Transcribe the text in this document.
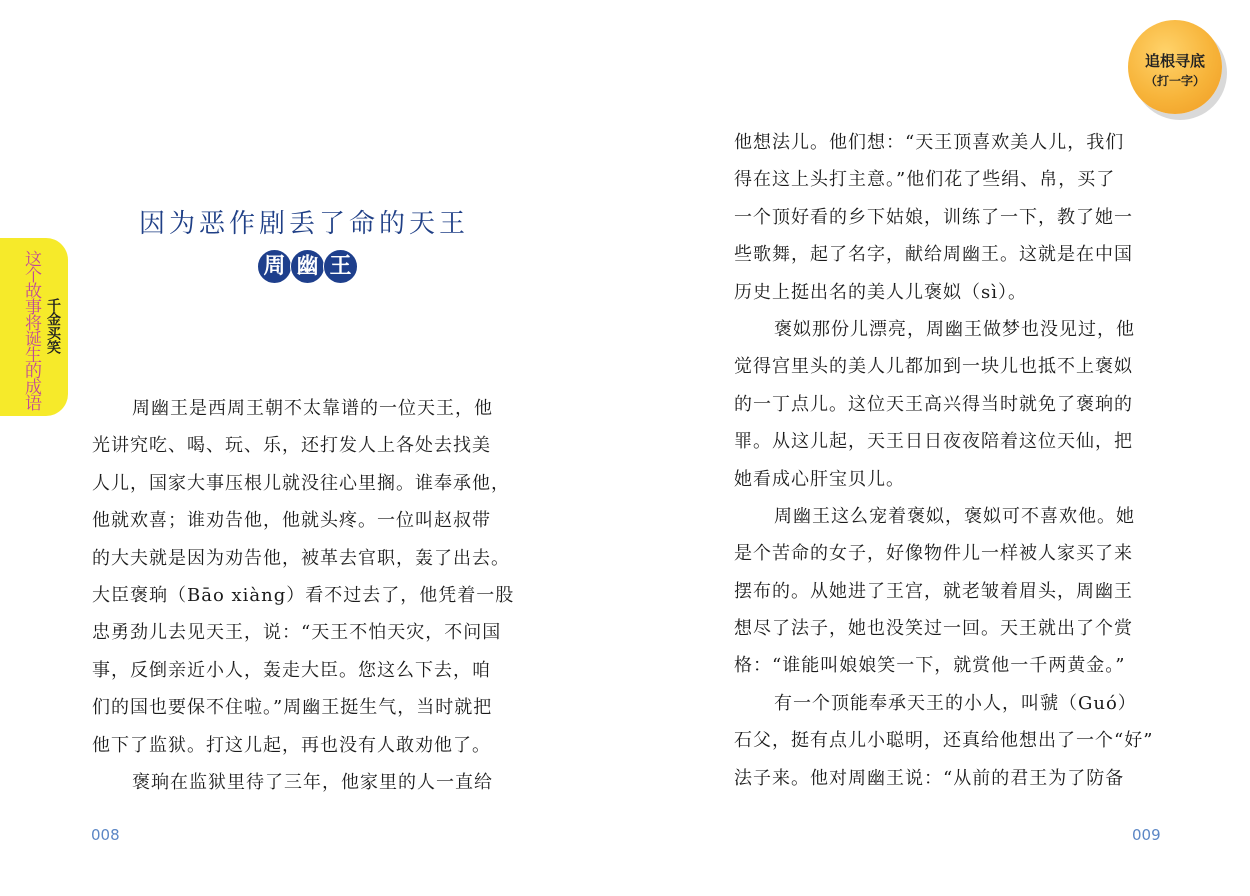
这个故事将诞生的成语 千金买笑
追根寻底
（打一字）
因为恶作剧丢了命的天王
周 幽 王
周幽王是西周王朝不太靠谱的一位天王，他
光讲究吃、喝、玩、乐，还打发人上各处去找美
人儿，国家大事压根儿就没往心里搁。谁奉承他，
他就欢喜；谁劝告他，他就头疼。一位叫赵叔带
的大夫就是因为劝告他，被革去官职，轰了出去。
大臣褒珦（Bāo xiàng）看不过去了，他凭着一股
忠勇劲儿去见天王，说：“天王不怕天灾，不问国
事，反倒亲近小人，轰走大臣。您这么下去，咱
们的国也要保不住啦。”周幽王挺生气，当时就把
他下了监狱。打这儿起，再也没有人敢劝他了。
褒珦在监狱里待了三年，他家里的人一直给
他想法儿。他们想：“天王顶喜欢美人儿，我们
得在这上头打主意。”他们花了些绢、帛，买了
一个顶好看的乡下姑娘，训练了一下，教了她一
些歌舞，起了名字，献给周幽王。这就是在中国
历史上挺出名的美人儿褒姒（sì）。
褒姒那份儿漂亮，周幽王做梦也没见过，他
觉得宫里头的美人儿都加到一块儿也抵不上褒姒
的一丁点儿。这位天王高兴得当时就免了褒珦的
罪。从这儿起，天王日日夜夜陪着这位天仙，把
她看成心肝宝贝儿。
周幽王这么宠着褒姒，褒姒可不喜欢他。她
是个苦命的女子，好像物件儿一样被人家买了来
摆布的。从她进了王宫，就老皱着眉头，周幽王
想尽了法子，她也没笑过一回。天王就出了个赏
格：“谁能叫娘娘笑一下，就赏他一千两黄金。”
有一个顶能奉承天王的小人，叫虢（Guó）
石父，挺有点儿小聪明，还真给他想出了一个“好”
法子来。他对周幽王说：“从前的君王为了防备
008	009
